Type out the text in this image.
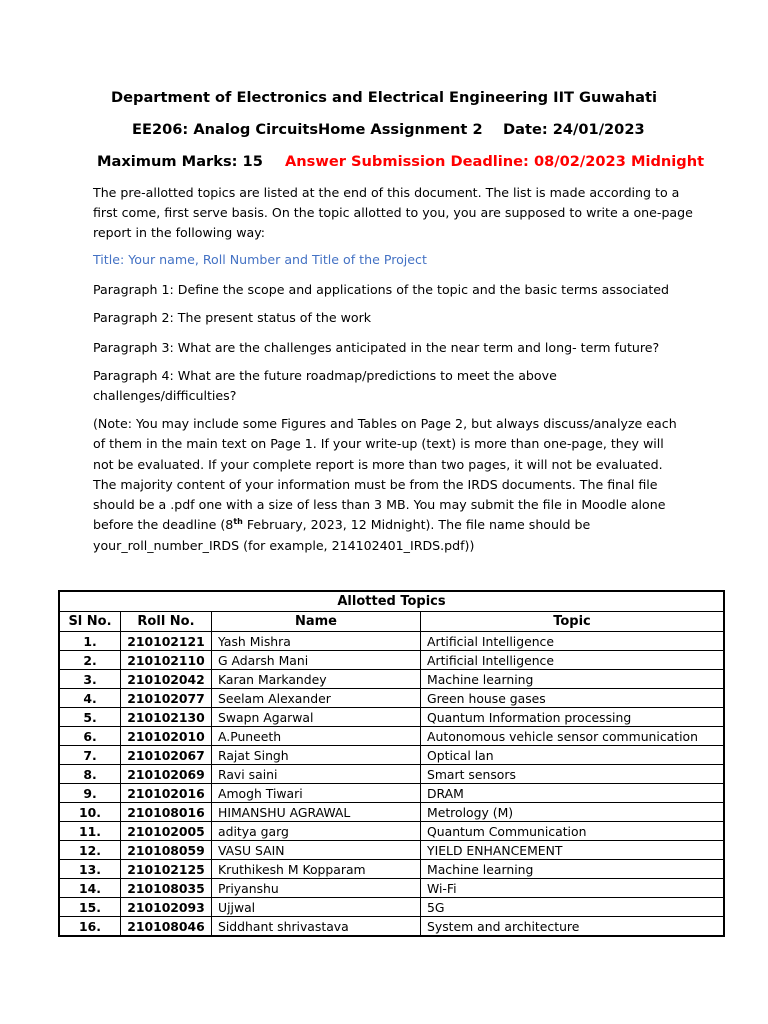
Department of Electronics and Electrical Engineering IIT Guwahati
EE206: Analog Circuits Home Assignment 2 Date: 24/01/2023
Maximum Marks: 15 Answer Submission Deadline: 08/02/2023 Midnight
The pre-allotted topics are listed at the end of this document. The list is made according to a first come, first serve basis. On the topic allotted to you, you are supposed to write a one-page report in the following way:
Title: Your name, Roll Number and Title of the Project
Paragraph 1: Define the scope and applications of the topic and the basic terms associated
Paragraph 2: The present status of the work
Paragraph 3: What are the challenges anticipated in the near term and long- term future?
Paragraph 4: What are the future roadmap/predictions to meet the above challenges/difficulties?
(Note: You may include some Figures and Tables on Page 2, but always discuss/analyze each of them in the main text on Page 1. If your write-up (text) is more than one-page, they will not be evaluated. If your complete report is more than two pages, it will not be evaluated. The majority content of your information must be from the IRDS documents. The final file should be a .pdf one with a size of less than 3 MB. You may submit the file in Moodle alone before the deadline (8th February, 2023, 12 Midnight). The file name should be your_roll_number_IRDS (for example, 214102401_IRDS.pdf))
Allotted Topics			
Sl No.	Roll No.	Name	Topic
1.	210102121	Yash Mishra	Artificial Intelligence
2.	210102110	G Adarsh Mani	Artificial Intelligence
3.	210102042	Karan Markandey	Machine learning
4.	210102077	Seelam Alexander	Green house gases
5.	210102130	Swapn Agarwal	Quantum Information processing
6.	210102010	A.Puneeth	Autonomous vehicle sensor communication
7.	210102067	Rajat Singh	Optical lan
8.	210102069	Ravi saini	Smart sensors
9.	210102016	Amogh Tiwari	DRAM
10.	210108016	HIMANSHU AGRAWAL	Metrology (M)
11.	210102005	aditya garg	Quantum Communication
12.	210108059	VASU SAIN	YIELD ENHANCEMENT
13.	210102125	Kruthikesh M Kopparam	Machine learning
14.	210108035	Priyanshu	Wi-Fi
15.	210102093	Ujjwal	5G
16.	210108046	Siddhant shrivastava	System and architecture
